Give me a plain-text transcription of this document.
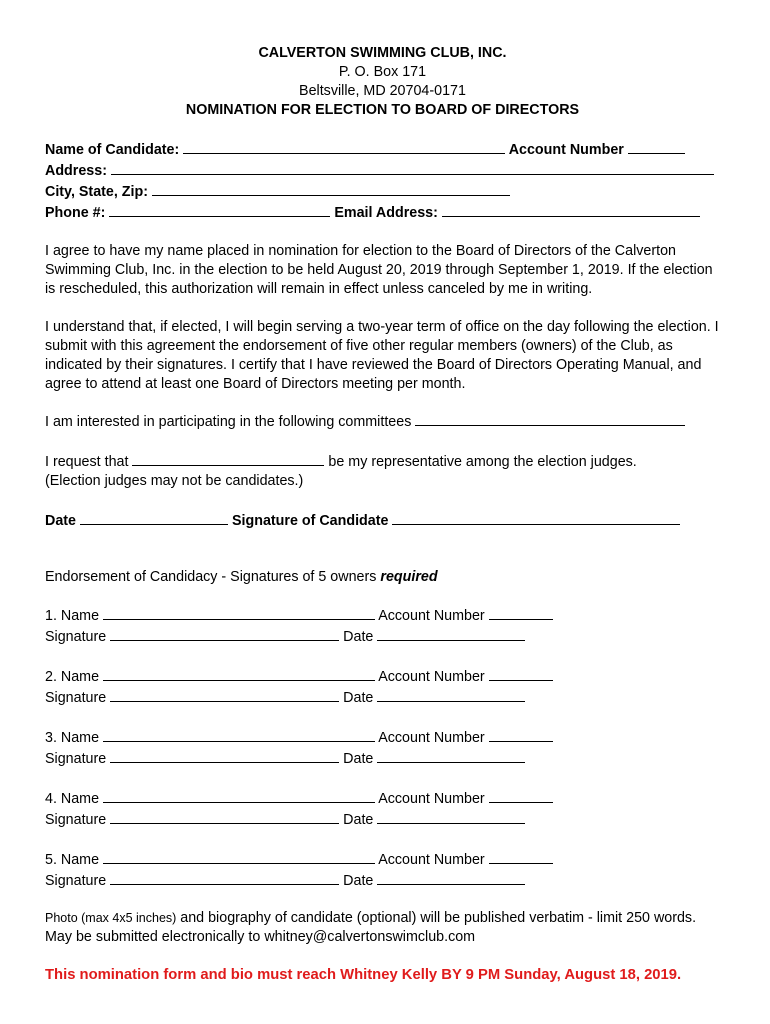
CALVERTON SWIMMING CLUB, INC.
P. O. Box 171
Beltsville, MD 20704-0171
NOMINATION FOR ELECTION TO BOARD OF DIRECTORS
Name of Candidate:	Account Number
Address:
City, State, Zip:
Phone #:	Email Address:

I agree to have my name placed in nomination for election to the Board of Directors of the Calverton Swimming Club, Inc. in the election to be held August 20, 2019 through September 1, 2019. If the election is rescheduled, this authorization will remain in effect unless canceled by me in writing.

I understand that, if elected, I will begin serving a two-year term of office on the day following the election. I submit with this agreement the endorsement of five other regular members (owners) of the Club, as indicated by their signatures. I certify that I have reviewed the Board of Directors Operating Manual, and agree to attend at least one Board of Directors meeting per month.

I am interested in participating in the following committees
I request that	be my representative among the election judges.
(Election judges may not be candidates.)
Date	Signature of Candidate
Endorsement of Candidacy - Signatures of 5 owners required
1. Name	Account Number
Signature	Date
2. Name	Account Number
Signature	Date
3. Name	Account Number
Signature	Date
4. Name	Account Number
Signature	Date
5. Name	Account Number
Signature	Date

Photo (max 4x5 inches) and biography of candidate (optional) will be published verbatim - limit 250 words. May be submitted electronically to whitney@calvertonswimclub.com

This nomination form and bio must reach Whitney Kelly BY 9 PM Sunday, August 18, 2019.
